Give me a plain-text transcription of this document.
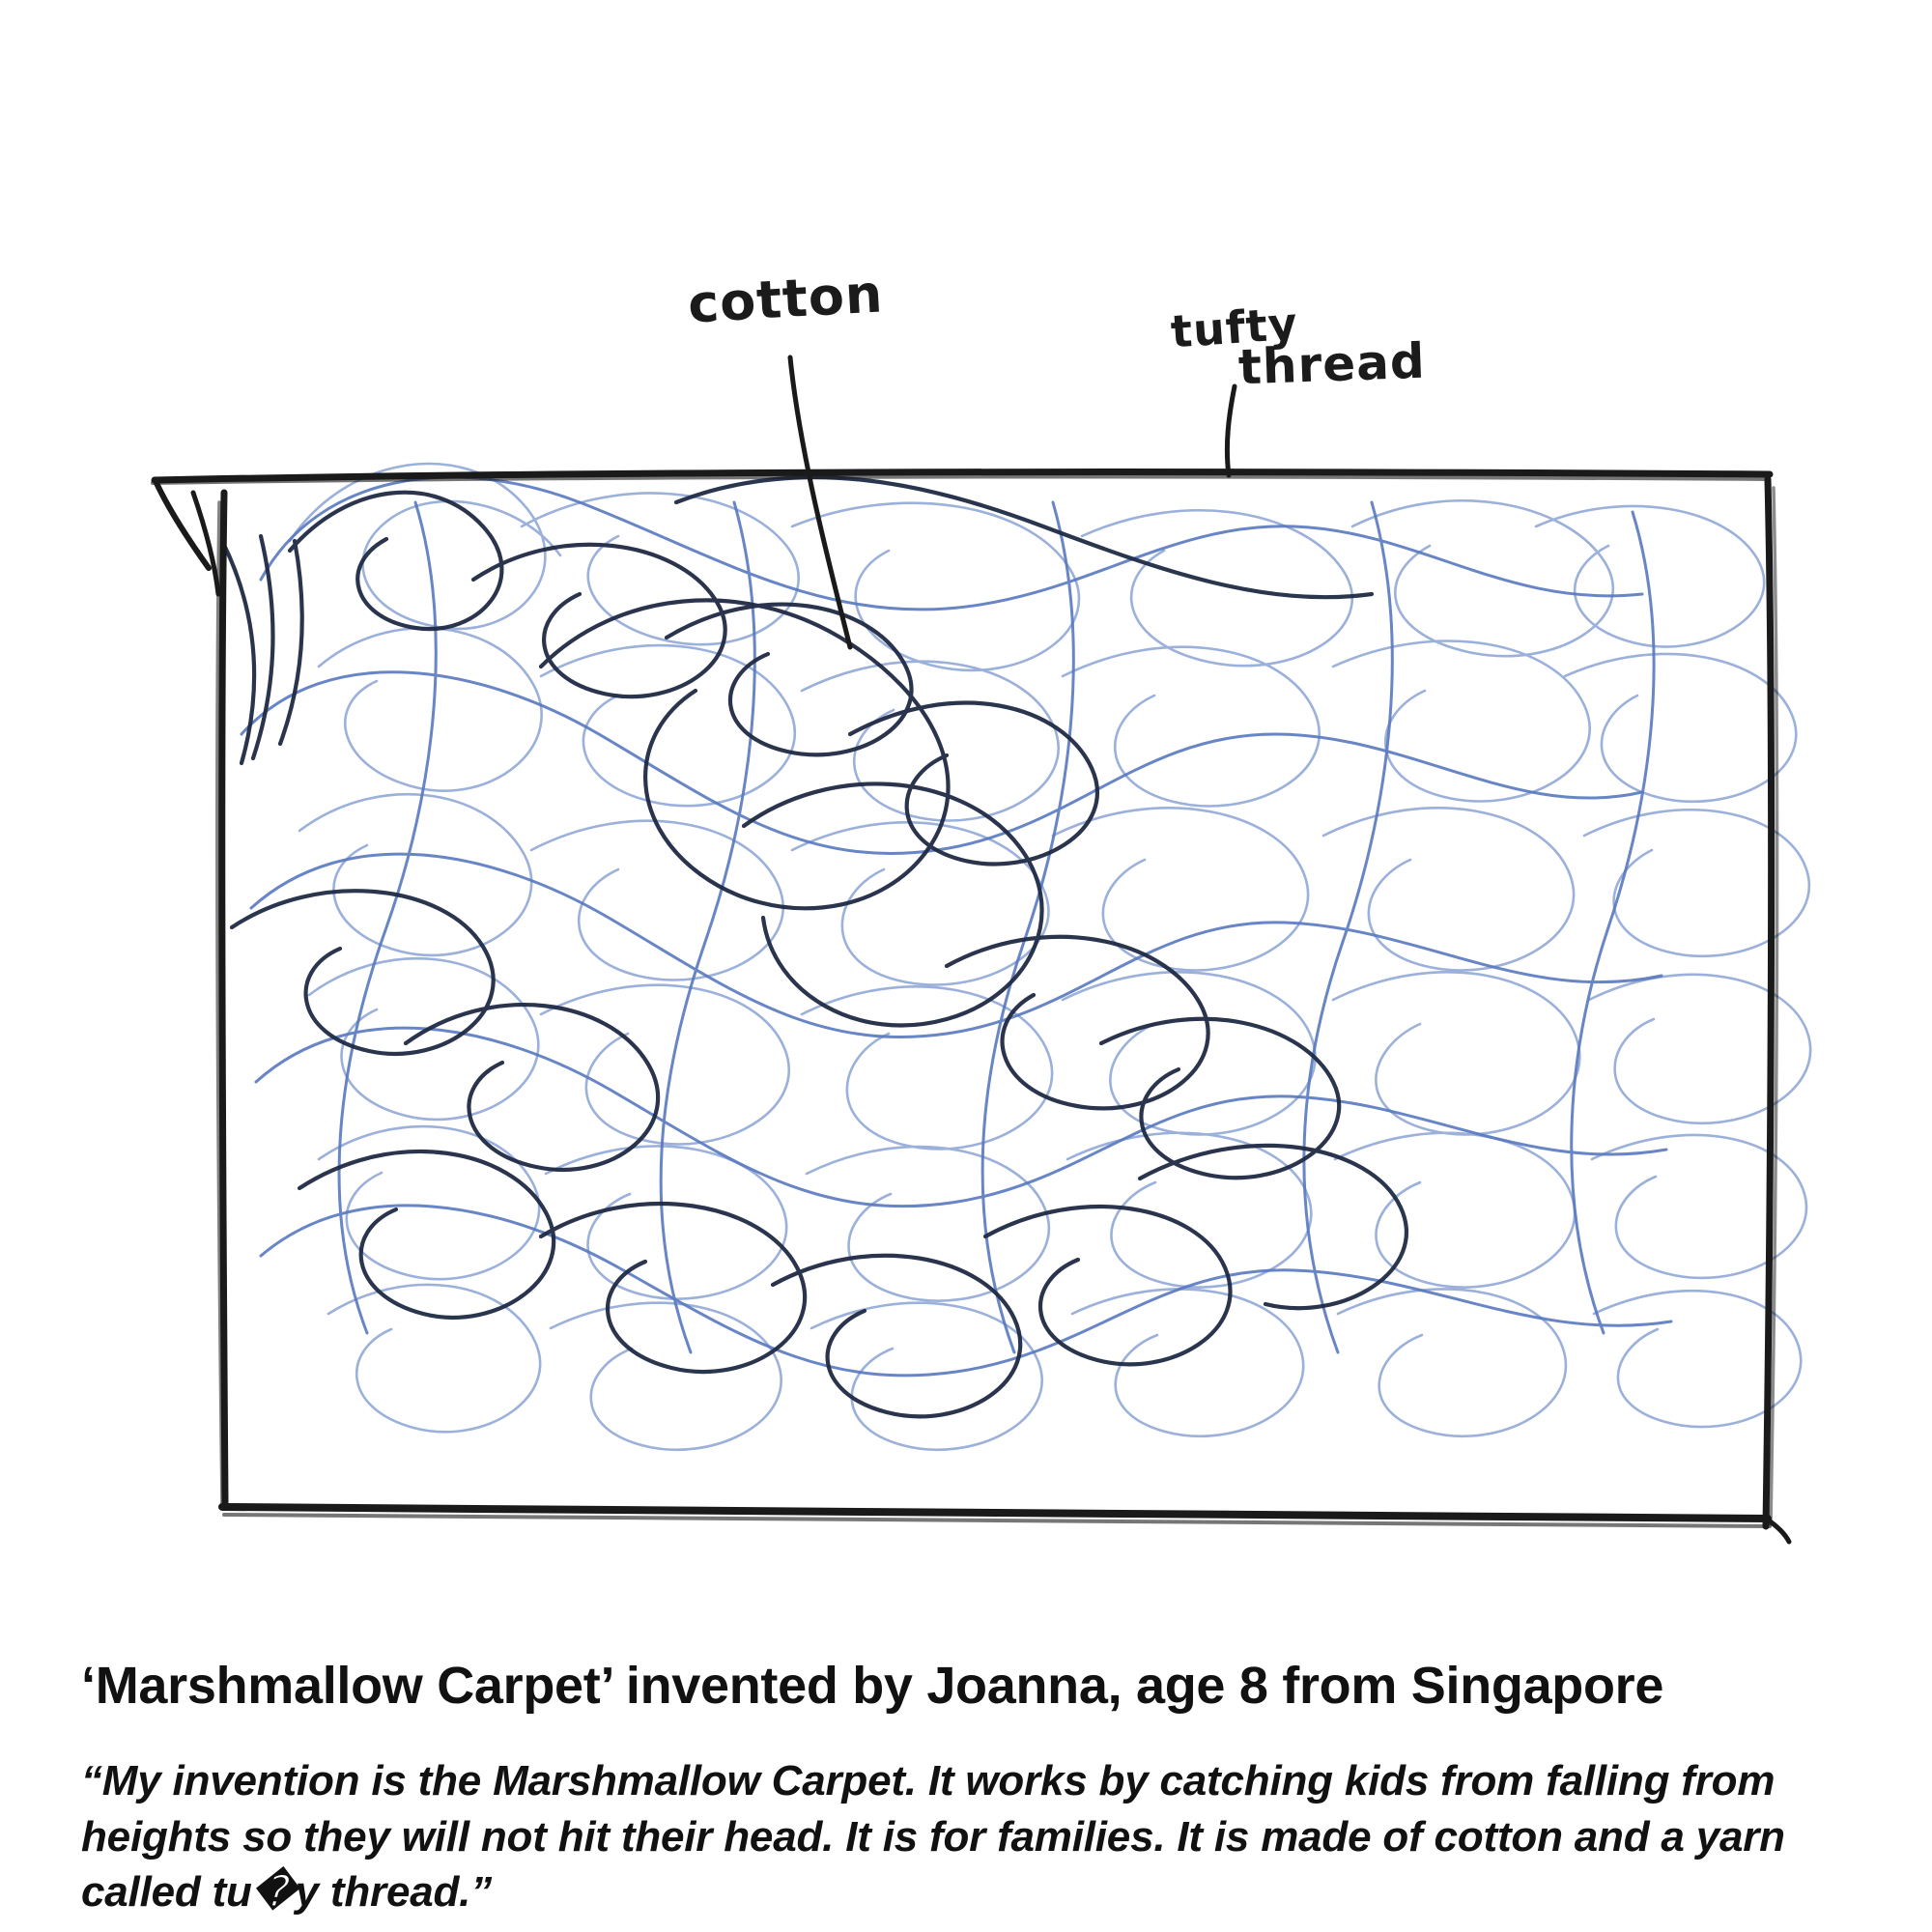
cotton	tufty
thread

‘Marshmallow Carpet’ invented by Joanna, age 8 from Singapore

“My invention is the Marshmallow Carpet. It works by catching kids from falling from heights so they will not hit their head. It is for families. It is made of cotton and a yarn called tu�y thread.”
